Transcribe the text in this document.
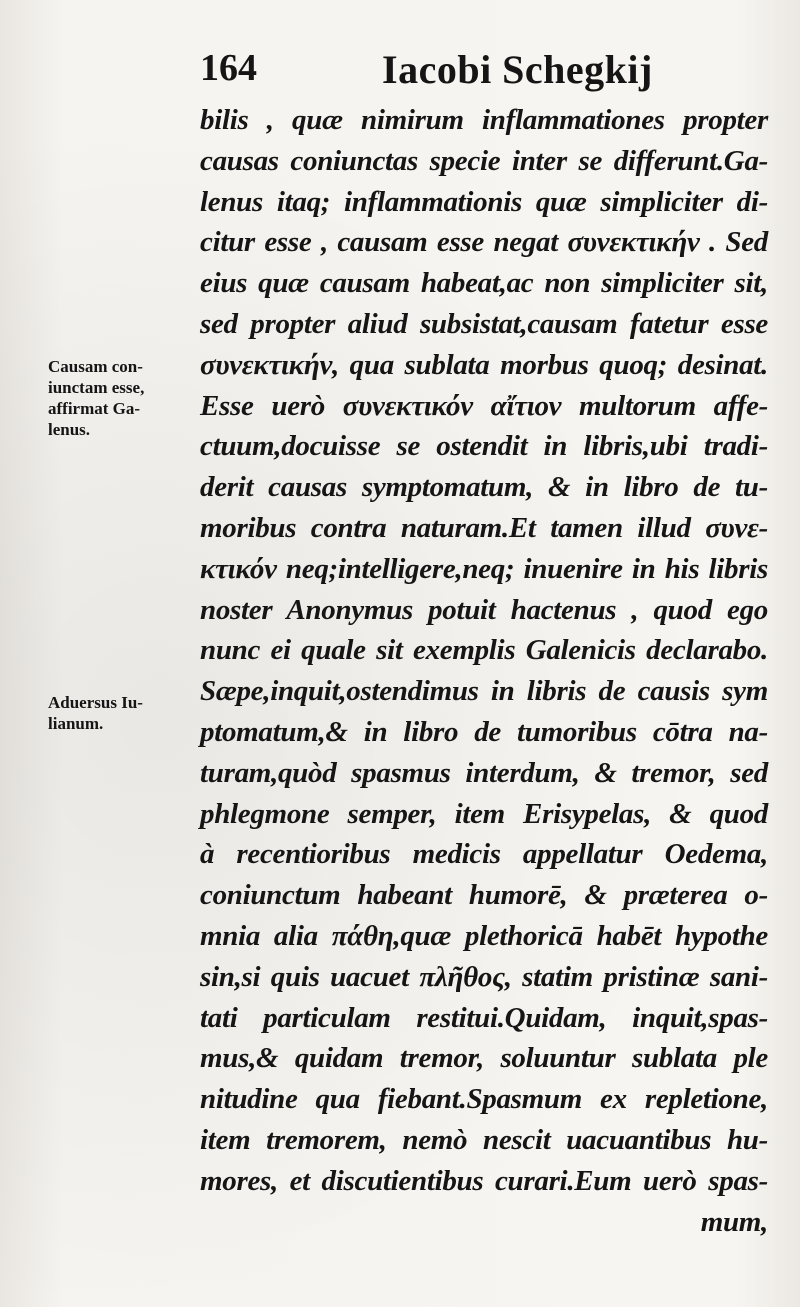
164	Iacobi Schegkij
bilis , quæ nimirum inflammationes propter
causas coniunctas specie inter se differunt.Ga-
lenus itaq; inflammationis quæ simpliciter di-
citur esse , causam esse negat συνεκτικήν . Sed
eius quæ causam habeat,ac non simpliciter sit,
sed propter aliud subsistat,causam fatetur esse
συνεκτικήν, qua sublata morbus quoq; desinat.
Esse uerò συνεκτικόν αἴτιον multorum affe-
ctuum,docuisse se ostendit in libris,ubi tradi-
derit causas symptomatum, & in libro de tu-
moribus contra naturam.Et tamen illud συνε-
κτικόν neq;intelligere,neq; inuenire in his libris
noster Anonymus potuit hactenus , quod ego
nunc ei quale sit exemplis Galenicis declarabo.
Sæpe,inquit,ostendimus in libris de causis sym
ptomatum,& in libro de tumoribus cōtra na-
turam,quòd spasmus interdum, & tremor, sed
phlegmone semper, item Erisypelas, & quod
à recentioribus medicis appellatur Oedema,
coniunctum habeant humorē, & præterea o-
mnia alia πάθη,quæ plethoricā habēt hypothe
sin,si quis uacuet πλῆθος, statim pristinæ sani-
tati particulam restitui.Quidam, inquit,spas-
mus,& quidam tremor, soluuntur sublata ple
nitudine qua fiebant.Spasmum ex repletione,
item tremorem, nemò nescit uacuantibus hu-
mores, et discutientibus curari.Eum uerò spas-
mum,
Causam con-
iunctam esse,
affirmat Ga-
lenus.
Aduersus Iu-
lianum.
